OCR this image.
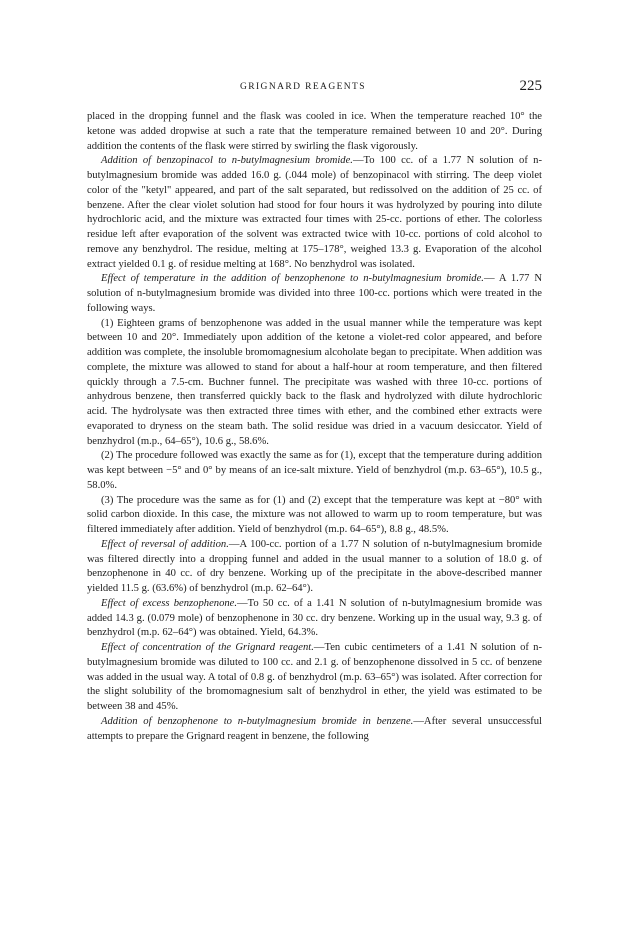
GRIGNARD REAGENTS	225

placed in the dropping funnel and the flask was cooled in ice. When the temperature reached 10° the ketone was added dropwise at such a rate that the temperature remained between 10 and 20°. During addition the contents of the flask were stirred by swirling the flask vigorously.

Addition of benzopinacol to n-butylmagnesium bromide.—To 100 cc. of a 1.77 N solution of n-butylmagnesium bromide was added 16.0 g. (.044 mole) of benzopinacol with stirring. The deep violet color of the "ketyl" appeared, and part of the salt separated, but redissolved on the addition of 25 cc. of benzene. After the clear violet solution had stood for four hours it was hydrolyzed by pouring into dilute hydrochloric acid, and the mixture was extracted four times with 25-cc. portions of ether. The colorless residue left after evaporation of the solvent was extracted twice with 10-cc. portions of cold alcohol to remove any benzhydrol. The residue, melting at 175–178°, weighed 13.3 g. Evaporation of the alcohol extract yielded 0.1 g. of residue melting at 168°. No benzhydrol was isolated.

Effect of temperature in the addition of benzophenone to n-butylmagnesium bromide.— A 1.77 N solution of n-butylmagnesium bromide was divided into three 100-cc. portions which were treated in the following ways.

(1) Eighteen grams of benzophenone was added in the usual manner while the temperature was kept between 10 and 20°. Immediately upon addition of the ketone a violet-red color appeared, and before addition was complete, the insoluble bromomagnesium alcoholate began to precipitate. When addition was complete, the mixture was allowed to stand for about a half-hour at room temperature, and then filtered quickly through a 7.5-cm. Buchner funnel. The precipitate was washed with three 10-cc. portions of anhydrous benzene, then transferred quickly back to the flask and hydrolyzed with dilute hydrochloric acid. The hydrolysate was then extracted three times with ether, and the combined ether extracts were evaporated to dryness on the steam bath. The solid residue was dried in a vacuum desiccator. Yield of benzhydrol (m.p., 64–65°), 10.6 g., 58.6%.

(2) The procedure followed was exactly the same as for (1), except that the temperature during addition was kept between −5° and 0° by means of an ice-salt mixture. Yield of benzhydrol (m.p. 63–65°), 10.5 g., 58.0%.

(3) The procedure was the same as for (1) and (2) except that the temperature was kept at −80° with solid carbon dioxide. In this case, the mixture was not allowed to warm up to room temperature, but was filtered immediately after addition. Yield of benzhydrol (m.p. 64–65°), 8.8 g., 48.5%.

Effect of reversal of addition.—A 100-cc. portion of a 1.77 N solution of n-butylmagnesium bromide was filtered directly into a dropping funnel and added in the usual manner to a solution of 18.0 g. of benzophenone in 40 cc. of dry benzene. Working up of the precipitate in the above-described manner yielded 11.5 g. (63.6%) of benzhydrol (m.p. 62–64°).

Effect of excess benzophenone.—To 50 cc. of a 1.41 N solution of n-butylmagnesium bromide was added 14.3 g. (0.079 mole) of benzophenone in 30 cc. dry benzene. Working up in the usual way, 9.3 g. of benzhydrol (m.p. 62–64°) was obtained. Yield, 64.3%.

Effect of concentration of the Grignard reagent.—Ten cubic centimeters of a 1.41 N solution of n-butylmagnesium bromide was diluted to 100 cc. and 2.1 g. of benzophenone dissolved in 5 cc. of benzene was added in the usual way. A total of 0.8 g. of benzhydrol (m.p. 63–65°) was isolated. After correction for the slight solubility of the bromomagnesium salt of benzhydrol in ether, the yield was estimated to be between 38 and 45%.

Addition of benzophenone to n-butylmagnesium bromide in benzene.—After several unsuccessful attempts to prepare the Grignard reagent in benzene, the following
